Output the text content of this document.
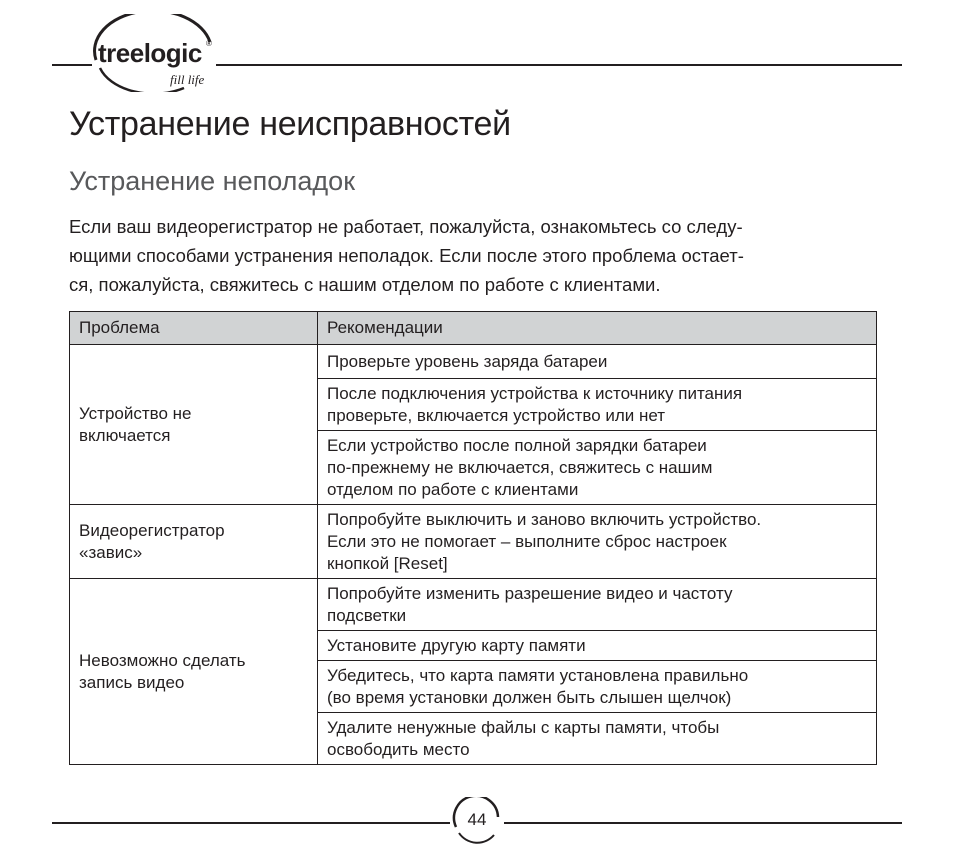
treelogic ®
fill life
Устранение неисправностей
Устранение неполадок

Если ваш видеорегистратор не работает, пожалуйста, ознакомьтесь со следу-
ющими способами устранения неполадок. Если после этого проблема остает-
ся, пожалуйста, свяжитесь с нашим отделом по работе с клиентами.

Проблема	Рекомендации

Устройство не
включается	Проверьте уровень заряда батареи

	После подключения устройства к источнику питания
проверьте, включается устройство или нет

	Если устройство после полной зарядки батареи
по-прежнему не включается, свяжитесь с нашим
отделом по работе с клиентами

Видеорегистратор
«завис»	Попробуйте выключить и заново включить устройство.
Если это не помогает – выполните сброс настроек
кнопкой [Reset]

Невозможно сделать
запись видео	Попробуйте изменить разрешение видео и частоту
подсветки

	Установите другую карту памяти

	Убедитесь, что карта памяти установлена правильно
(во время установки должен быть слышен щелчок)

	Удалите ненужные файлы с карты памяти, чтобы
освободить место
44
